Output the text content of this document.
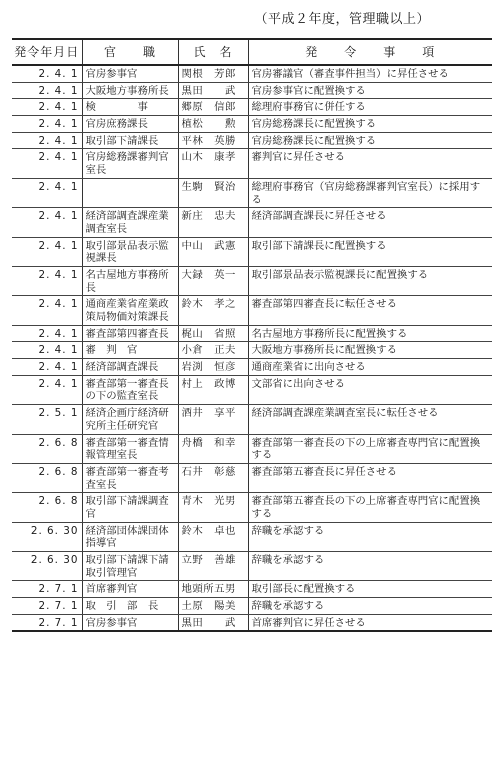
（平成２年度，管理職以上）
発令年月日	官　　職	氏　名	発　　令　　事　　項
2. 4. 1	官房参事官	関根　芳郎	官房審議官（審査事件担当）に昇任させる
2. 4. 1	大阪地方事務所長	黒田　　武	官房参事官に配置換する
2. 4. 1	検　　　　事	郷原　信郎	総理府事務官に併任する
2. 4. 1	官房庶務課長	植松　　勲	官房総務課長に配置換する
2. 4. 1	取引部下請課長	平林　英勝	官房総務課長に配置換する
2. 4. 1	官房総務課審判官室長	山木　康孝	審判官に昇任させる
2. 4. 1		生駒　賢治	総理府事務官（官房総務課審判官室長）に採用する
2. 4. 1	経済部調査課産業調査室長	新庄　忠夫	経済部調査課長に昇任させる
2. 4. 1	取引部景品表示監視課長	中山　武憲	取引部下請課長に配置換する
2. 4. 1	名古屋地方事務所長	大録　英一	取引部景品表示監視課長に配置換する
2. 4. 1	通商産業省産業政策局物価対策課長	鈴木　孝之	審査部第四審査長に転任させる
2. 4. 1	審査部第四審査長	梶山　省照	名古屋地方事務所長に配置換する
2. 4. 1	審　判　官	小倉　正夫	大阪地方事務所長に配置換する
2. 4. 1	経済部調査課長	岩渕　恒彦	通商産業省に出向させる
2. 4. 1	審査部第一審査長の下の監査室長	村上　政博	文部省に出向させる
2. 5. 1	経済企画庁経済研究所主任研究官	酒井　享平	経済部調査課産業調査室長に転任させる
2. 6. 8	審査部第一審査情報管理室長	舟橋　和幸	審査部第一審査長の下の上席審査専門官に配置換する
2. 6. 8	審査部第一審査考査室長	石井　彰慈	審査部第五審査長に昇任させる
2. 6. 8	取引部下請課調査官	青木　光男	審査部第五審査長の下の上席審査専門官に配置換する
2. 6. 30	経済部団体課団体指導官	鈴木　卓也	辞職を承認する
2. 6. 30	取引部下請課下請取引管理官	立野　善雄	辞職を承認する
2. 7. 1	首席審判官	地頭所五男	取引部長に配置換する
2. 7. 1	取　引　部　長	土原　陽美	辞職を承認する
2. 7. 1	官房参事官	黒田　　武	首席審判官に昇任させる
